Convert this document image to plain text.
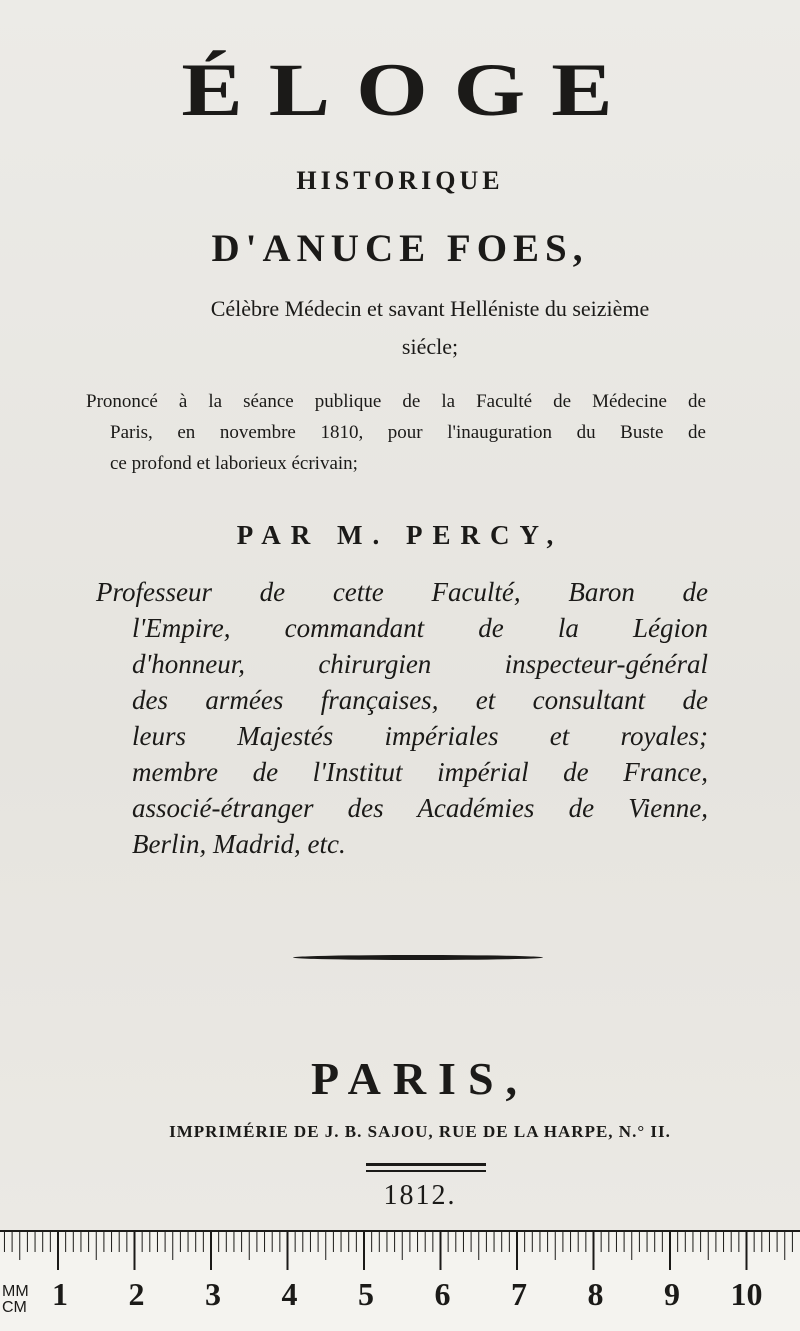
ÉLOGE
HISTORIQUE
D'ANUCE FOES,
Célèbre Médecin et savant Helléniste du seizième
siécle;
Prononcé à la séance publique de la Faculté de Médecine de
Paris, en novembre 1810, pour l'inauguration du Buste de
ce profond et laborieux écrivain;
PAR M. PERCY,
Professeur de cette Faculté, Baron de
l'Empire, commandant de la Légion
d'honneur, chirurgien inspecteur-général
des armées françaises, et consultant de
leurs Majestés impériales et royales;
membre de l'Institut impérial de France,
associé-étranger des Académies de Vienne,
Berlin, Madrid, etc.
PARIS,
IMPRIMÉRIE DE J. B. SAJOU, RUE DE LA HARPE, N.° II.
1812.
MM
CM 1 2 3 4 5 6 7 8 9 10
